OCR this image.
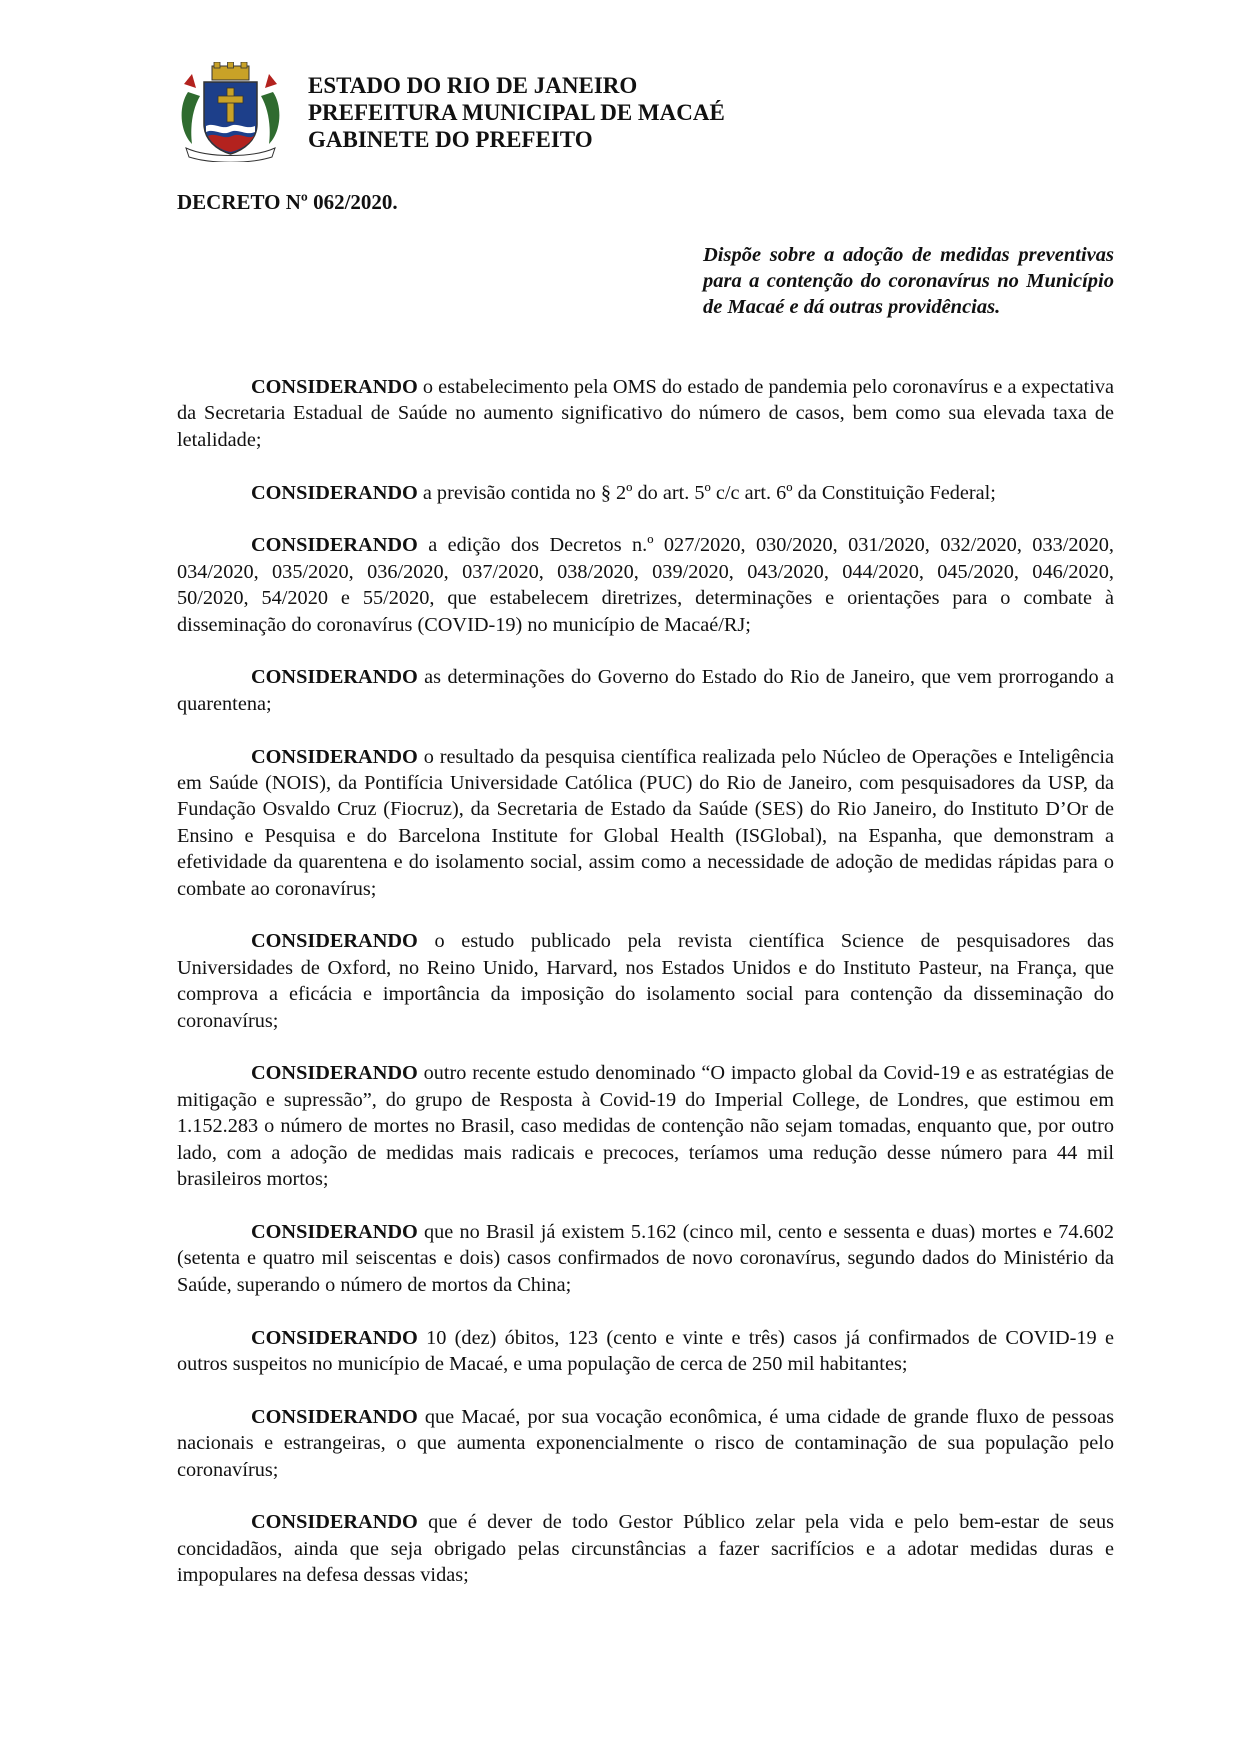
ESTADO DO RIO DE JANEIRO
PREFEITURA MUNICIPAL DE MACAÉ
GABINETE DO PREFEITO
DECRETO Nº 062/2020.
Dispõe sobre a adoção de medidas preventivas para a contenção do coronavírus no Município de Macaé e dá outras providências.

CONSIDERANDO o estabelecimento pela OMS do estado de pandemia pelo coronavírus e a expectativa da Secretaria Estadual de Saúde no aumento significativo do número de casos, bem como sua elevada taxa de letalidade;

CONSIDERANDO a previsão contida no § 2º do art. 5º c/c art. 6º da Constituição Federal;

CONSIDERANDO a edição dos Decretos n.º 027/2020, 030/2020, 031/2020, 032/2020, 033/2020, 034/2020, 035/2020, 036/2020, 037/2020, 038/2020, 039/2020, 043/2020, 044/2020, 045/2020, 046/2020, 50/2020, 54/2020 e 55/2020, que estabelecem diretrizes, determinações e orientações para o combate à disseminação do coronavírus (COVID-19) no município de Macaé/RJ;

CONSIDERANDO as determinações do Governo do Estado do Rio de Janeiro, que vem prorrogando a quarentena;

CONSIDERANDO o resultado da pesquisa científica realizada pelo Núcleo de Operações e Inteligência em Saúde (NOIS), da Pontifícia Universidade Católica (PUC) do Rio de Janeiro, com pesquisadores da USP, da Fundação Osvaldo Cruz (Fiocruz), da Secretaria de Estado da Saúde (SES) do Rio Janeiro, do Instituto D’Or de Ensino e Pesquisa e do Barcelona Institute for Global Health (ISGlobal), na Espanha, que demonstram a efetividade da quarentena e do isolamento social, assim como a necessidade de adoção de medidas rápidas para o combate ao coronavírus;

CONSIDERANDO o estudo publicado pela revista científica Science de pesquisadores das Universidades de Oxford, no Reino Unido, Harvard, nos Estados Unidos e do Instituto Pasteur, na França, que comprova a eficácia e importância da imposição do isolamento social para contenção da disseminação do coronavírus;

CONSIDERANDO outro recente estudo denominado “O impacto global da Covid-19 e as estratégias de mitigação e supressão”, do grupo de Resposta à Covid-19 do Imperial College, de Londres, que estimou em 1.152.283 o número de mortes no Brasil, caso medidas de contenção não sejam tomadas, enquanto que, por outro lado, com a adoção de medidas mais radicais e precoces, teríamos uma redução desse número para 44 mil brasileiros mortos;

CONSIDERANDO que no Brasil já existem 5.162 (cinco mil, cento e sessenta e duas) mortes e 74.602 (setenta e quatro mil seiscentas e dois) casos confirmados de novo coronavírus, segundo dados do Ministério da Saúde, superando o número de mortos da China;

CONSIDERANDO 10 (dez) óbitos, 123 (cento e vinte e três) casos já confirmados de COVID-19 e outros suspeitos no município de Macaé, e uma população de cerca de 250 mil habitantes;

CONSIDERANDO que Macaé, por sua vocação econômica, é uma cidade de grande fluxo de pessoas nacionais e estrangeiras, o que aumenta exponencialmente o risco de contaminação de sua população pelo coronavírus;

CONSIDERANDO que é dever de todo Gestor Público zelar pela vida e pelo bem-estar de seus concidadãos, ainda que seja obrigado pelas circunstâncias a fazer sacrifícios e a adotar medidas duras e impopulares na defesa dessas vidas;
